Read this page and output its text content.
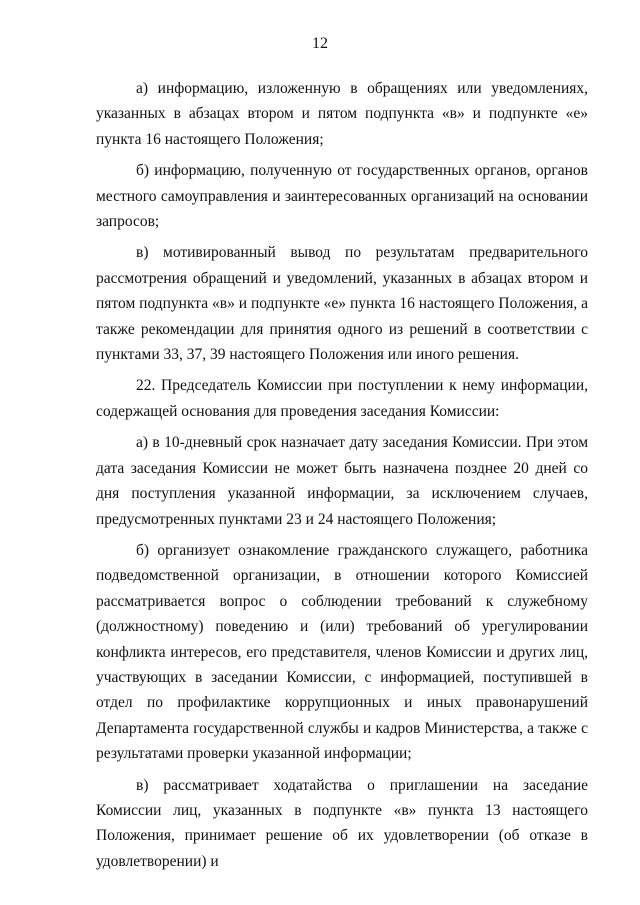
12

а) информацию, изложенную в обращениях или уведомлениях, указанных в абзацах втором и пятом подпункта «в» и подпункте «е» пункта 16 настоящего Положения;

б) информацию, полученную от государственных органов, органов местного самоуправления и заинтересованных организаций на основании запросов;

в) мотивированный вывод по результатам предварительного рассмотрения обращений и уведомлений, указанных в абзацах втором и пятом подпункта «в» и подпункте «е» пункта 16 настоящего Положения, а также рекомендации для принятия одного из решений в соответствии с пунктами 33, 37, 39 настоящего Положения или иного решения.

22. Председатель Комиссии при поступлении к нему информации, содержащей основания для проведения заседания Комиссии:

а) в 10-дневный срок назначает дату заседания Комиссии. При этом дата заседания Комиссии не может быть назначена позднее 20 дней со дня поступления указанной информации, за исключением случаев, предусмотренных пунктами 23 и 24 настоящего Положения;

б) организует ознакомление гражданского служащего, работника подведомственной организации, в отношении которого Комиссией рассматривается вопрос о соблюдении требований к служебному (должностному) поведению и (или) требований об урегулировании конфликта интересов, его представителя, членов Комиссии и других лиц, участвующих в заседании Комиссии, с информацией, поступившей в отдел по профилактике коррупционных и иных правонарушений Департамента государственной службы и кадров Министерства, а также с результатами проверки указанной информации;

в) рассматривает ходатайства о приглашении на заседание Комиссии лиц, указанных в подпункте «в» пункта 13 настоящего Положения, принимает решение об их удовлетворении (об отказе в удовлетворении) и
